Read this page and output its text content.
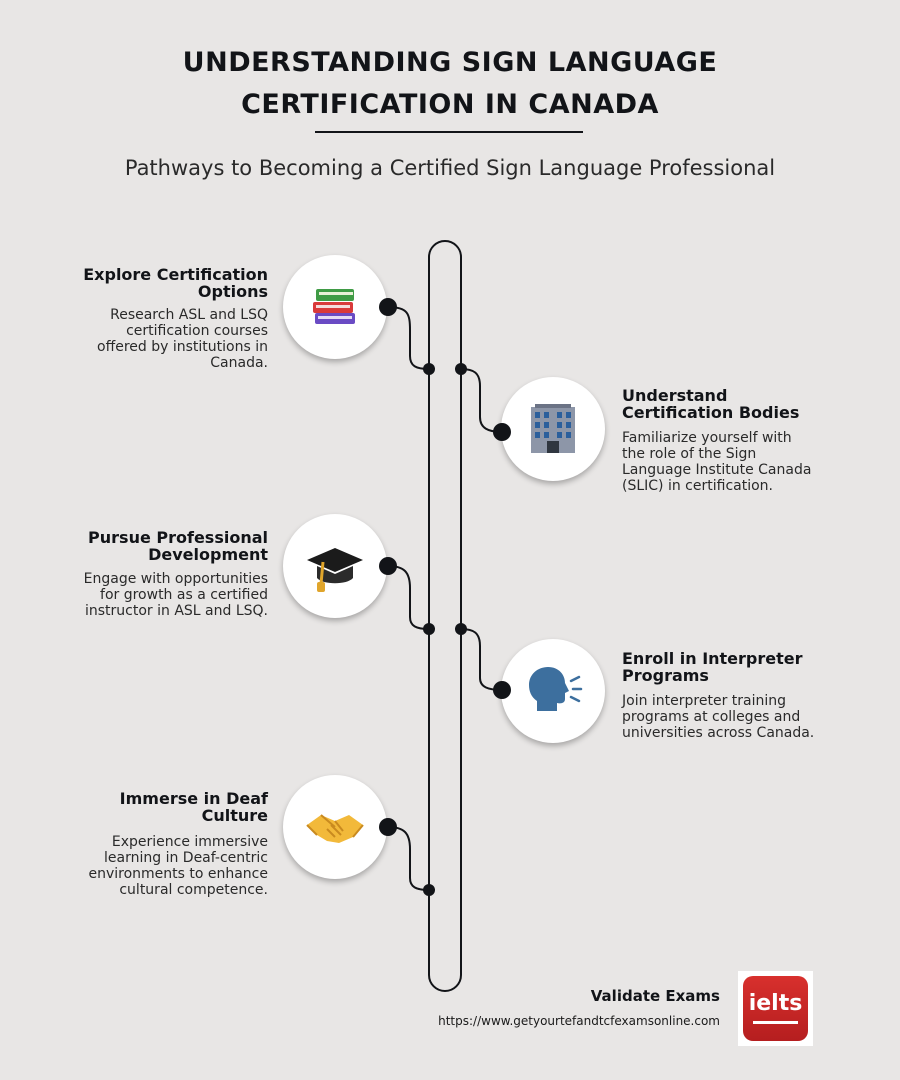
UNDERSTANDING SIGN LANGUAGE
CERTIFICATION IN CANADA
Pathways to Becoming a Certified Sign Language Professional
Explore Certification
Options
Research ASL and LSQ
certification courses
offered by institutions in
Canada.
Understand
Certification Bodies
Familiarize yourself with
the role of the Sign
Language Institute Canada
(SLIC) in certification.
Pursue Professional
Development
Engage with opportunities
for growth as a certified
instructor in ASL and LSQ.
Enroll in Interpreter
Programs
Join interpreter training
programs at colleges and
universities across Canada.
Immerse in Deaf
Culture
Experience immersive
learning in Deaf-centric
environments to enhance
cultural competence.
Validate Exams
https://www.getyourtefandtcfexamsonline.com
ielts
